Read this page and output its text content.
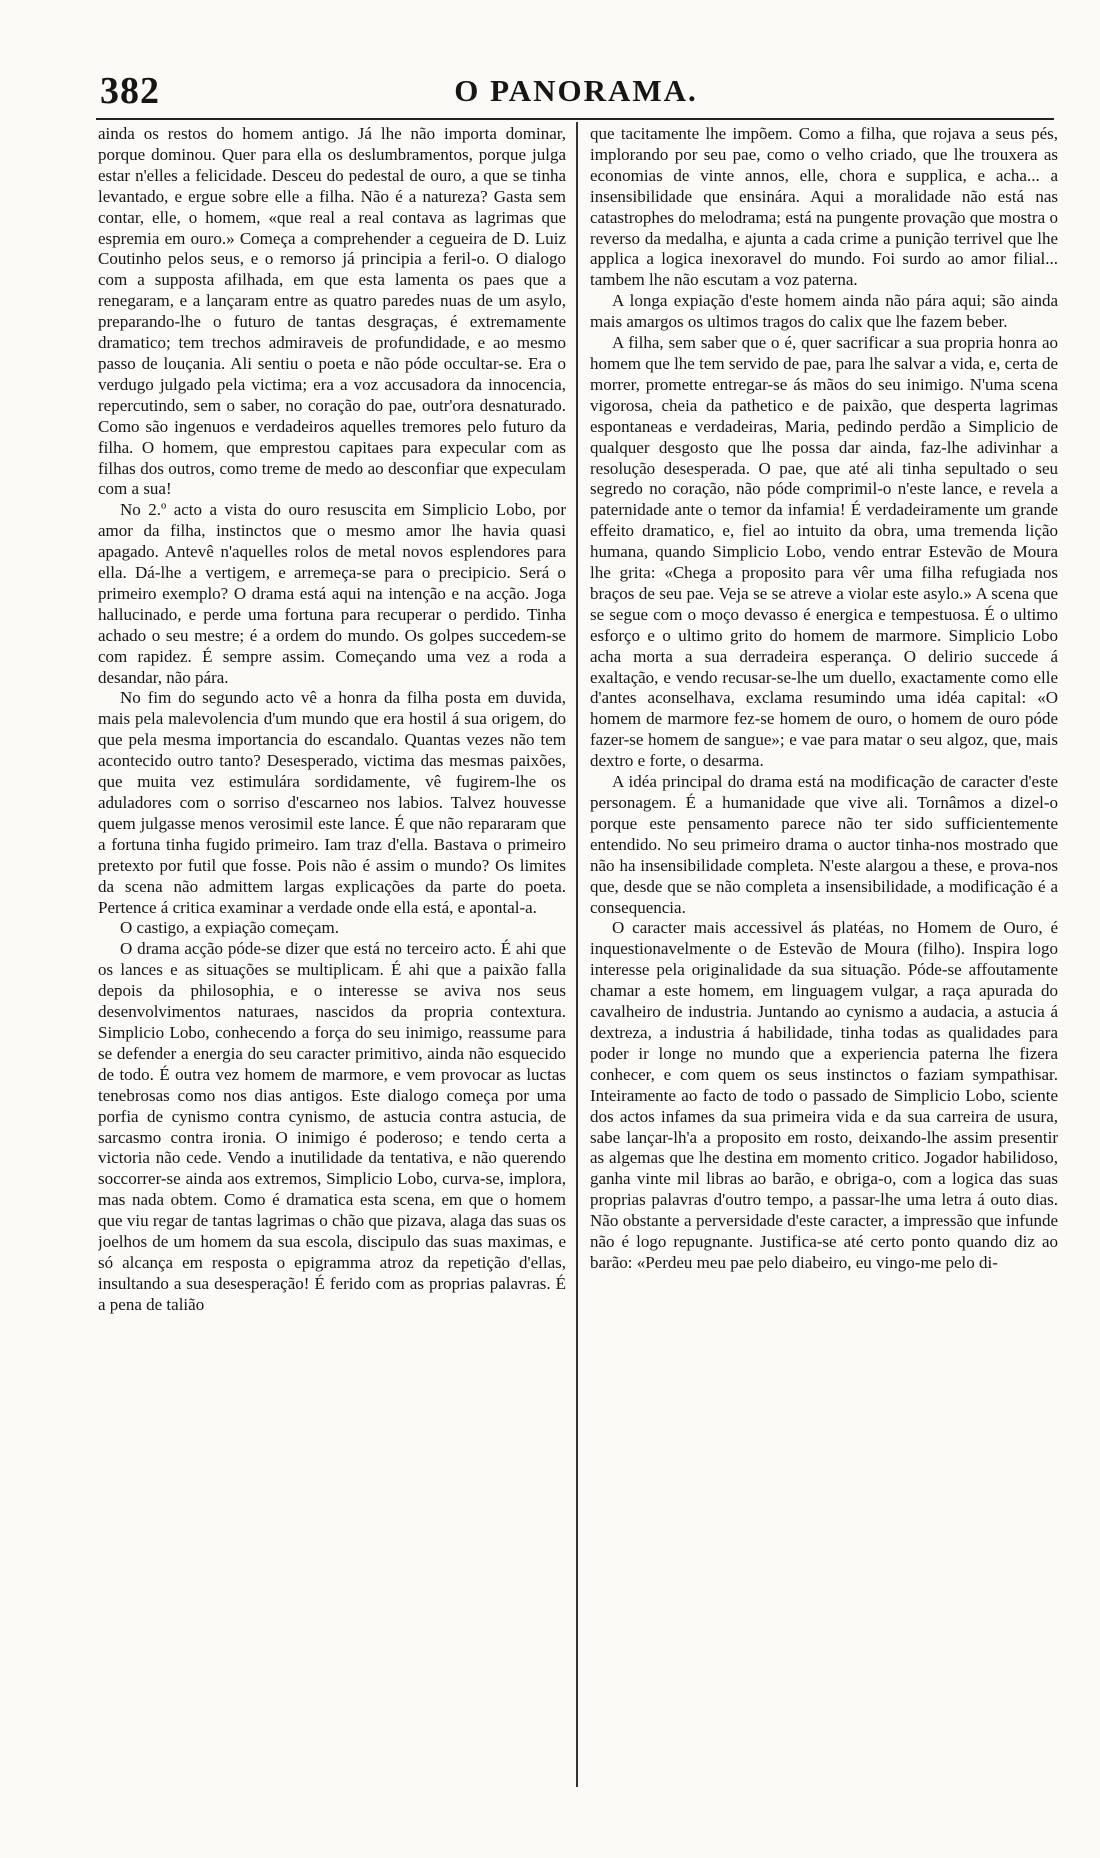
382	O PANORAMA.

ainda os restos do homem antigo. Já lhe não importa dominar, porque dominou. Quer para ella os deslumbramentos, porque julga estar n'elles a felicidade. Desceu do pedestal de ouro, a que se tinha levantado, e ergue sobre elle a filha. Não é a natureza? Gasta sem contar, elle, o homem, «que real a real contava as lagrimas que espremia em ouro.» Começa a comprehender a cegueira de D. Luiz Coutinho pelos seus, e o remorso já principia a feril-o. O dialogo com a supposta afilhada, em que esta lamenta os paes que a renegaram, e a lançaram entre as quatro paredes nuas de um asylo, preparando-lhe o futuro de tantas desgraças, é extremamente dramatico; tem trechos admiraveis de profundidade, e ao mesmo passo de louçania. Ali sentiu o poeta e não póde occultar-se. Era o verdugo julgado pela victima; era a voz accusadora da innocencia, repercutindo, sem o saber, no coração do pae, outr'ora desnaturado. Como são ingenuos e verdadeiros aquelles tremores pelo futuro da filha. O homem, que emprestou capitaes para expecular com as filhas dos outros, como treme de medo ao desconfiar que expeculam com a sua!

No 2.º acto a vista do ouro resuscita em Simplicio Lobo, por amor da filha, instinctos que o mesmo amor lhe havia quasi apagado. Antevê n'aquelles rolos de metal novos esplendores para ella. Dá-lhe a vertigem, e arremeça-se para o precipicio. Será o primeiro exemplo? O drama está aqui na intenção e na acção. Joga hallucinado, e perde uma fortuna para recuperar o perdido. Tinha achado o seu mestre; é a ordem do mundo. Os golpes succedem-se com rapidez. É sempre assim. Começando uma vez a roda a desandar, não pára.

No fim do segundo acto vê a honra da filha posta em duvida, mais pela malevolencia d'um mundo que era hostil á sua origem, do que pela mesma importancia do escandalo. Quantas vezes não tem acontecido outro tanto? Desesperado, victima das mesmas paixões, que muita vez estimulára sordidamente, vê fugirem-lhe os aduladores com o sorriso d'escarneo nos labios. Talvez houvesse quem julgasse menos verosimil este lance. É que não repararam que a fortuna tinha fugido primeiro. Iam traz d'ella. Bastava o primeiro pretexto por futil que fosse. Pois não é assim o mundo? Os limites da scena não admittem largas explicações da parte do poeta. Pertence á critica examinar a verdade onde ella está, e apontal-a.

O castigo, a expiação começam.

O drama acção póde-se dizer que está no terceiro acto. É ahi que os lances e as situações se multiplicam. É ahi que a paixão falla depois da philosophia, e o interesse se aviva nos seus desenvolvimentos naturaes, nascidos da propria contextura. Simplicio Lobo, conhecendo a força do seu inimigo, reassume para se defender a energia do seu caracter primitivo, ainda não esquecido de todo. É outra vez homem de marmore, e vem provocar as luctas tenebrosas como nos dias antigos. Este dialogo começa por uma porfia de cynismo contra cynismo, de astucia contra astucia, de sarcasmo contra ironia. O inimigo é poderoso; e tendo certa a victoria não cede. Vendo a inutilidade da tentativa, e não querendo soccorrer-se ainda aos extremos, Simplicio Lobo, curva-se, implora, mas nada obtem. Como é dramatica esta scena, em que o homem que viu regar de tantas lagrimas o chão que pizava, alaga das suas os joelhos de um homem da sua escola, discipulo das suas maximas, e só alcança em resposta o epigramma atroz da repetição d'ellas, insultando a sua desesperação! É ferido com as proprias palavras. É a pena de talião

que tacitamente lhe impõem. Como a filha, que rojava a seus pés, implorando por seu pae, como o velho criado, que lhe trouxera as economias de vinte annos, elle, chora e supplica, e acha... a insensibilidade que ensinára. Aqui a moralidade não está nas catastrophes do melodrama; está na pungente provação que mostra o reverso da medalha, e ajunta a cada crime a punição terrivel que lhe applica a logica inexoravel do mundo. Foi surdo ao amor filial... tambem lhe não escutam a voz paterna.

A longa expiação d'este homem ainda não pára aqui; são ainda mais amargos os ultimos tragos do calix que lhe fazem beber.

A filha, sem saber que o é, quer sacrificar a sua propria honra ao homem que lhe tem servido de pae, para lhe salvar a vida, e, certa de morrer, promette entregar-se ás mãos do seu inimigo. N'uma scena vigorosa, cheia da pathetico e de paixão, que desperta lagrimas espontaneas e verdadeiras, Maria, pedindo perdão a Simplicio de qualquer desgosto que lhe possa dar ainda, faz-lhe adivinhar a resolução desesperada. O pae, que até ali tinha sepultado o seu segredo no coração, não póde comprimil-o n'este lance, e revela a paternidade ante o temor da infamia! É verdadeiramente um grande effeito dramatico, e, fiel ao intuito da obra, uma tremenda lição humana, quando Simplicio Lobo, vendo entrar Estevão de Moura lhe grita: «Chega a proposito para vêr uma filha refugiada nos braços de seu pae. Veja se se atreve a violar este asylo.» A scena que se segue com o moço devasso é energica e tempestuosa. É o ultimo esforço e o ultimo grito do homem de marmore. Simplicio Lobo acha morta a sua derradeira esperança. O delirio succede á exaltação, e vendo recusar-se-lhe um duello, exactamente como elle d'antes aconselhava, exclama resumindo uma idéa capital: «O homem de marmore fez-se homem de ouro, o homem de ouro póde fazer-se homem de sangue»; e vae para matar o seu algoz, que, mais dextro e forte, o desarma.

A idéa principal do drama está na modificação de caracter d'este personagem. É a humanidade que vive ali. Tornâmos a dizel-o porque este pensamento parece não ter sido sufficientemente entendido. No seu primeiro drama o auctor tinha-nos mostrado que não ha insensibilidade completa. N'este alargou a these, e prova-nos que, desde que se não completa a insensibilidade, a modificação é a consequencia.

O caracter mais accessivel ás platéas, no Homem de Ouro, é inquestionavelmente o de Estevão de Moura (filho). Inspira logo interesse pela originalidade da sua situação. Póde-se affoutamente chamar a este homem, em linguagem vulgar, a raça apurada do cavalheiro de industria. Juntando ao cynismo a audacia, a astucia á dextreza, a industria á habilidade, tinha todas as qualidades para poder ir longe no mundo que a experiencia paterna lhe fizera conhecer, e com quem os seus instinctos o faziam sympathisar. Inteiramente ao facto de todo o passado de Simplicio Lobo, sciente dos actos infames da sua primeira vida e da sua carreira de usura, sabe lançar-lh'a a proposito em rosto, deixando-lhe assim presentir as algemas que lhe destina em momento critico. Jogador habilidoso, ganha vinte mil libras ao barão, e obriga-o, com a logica das suas proprias palavras d'outro tempo, a passar-lhe uma letra á outo dias. Não obstante a perversidade d'este caracter, a impressão que infunde não é logo repugnante. Justifica-se até certo ponto quando diz ao barão: «Perdeu meu pae pelo diabeiro, eu vingo-me pelo di-
